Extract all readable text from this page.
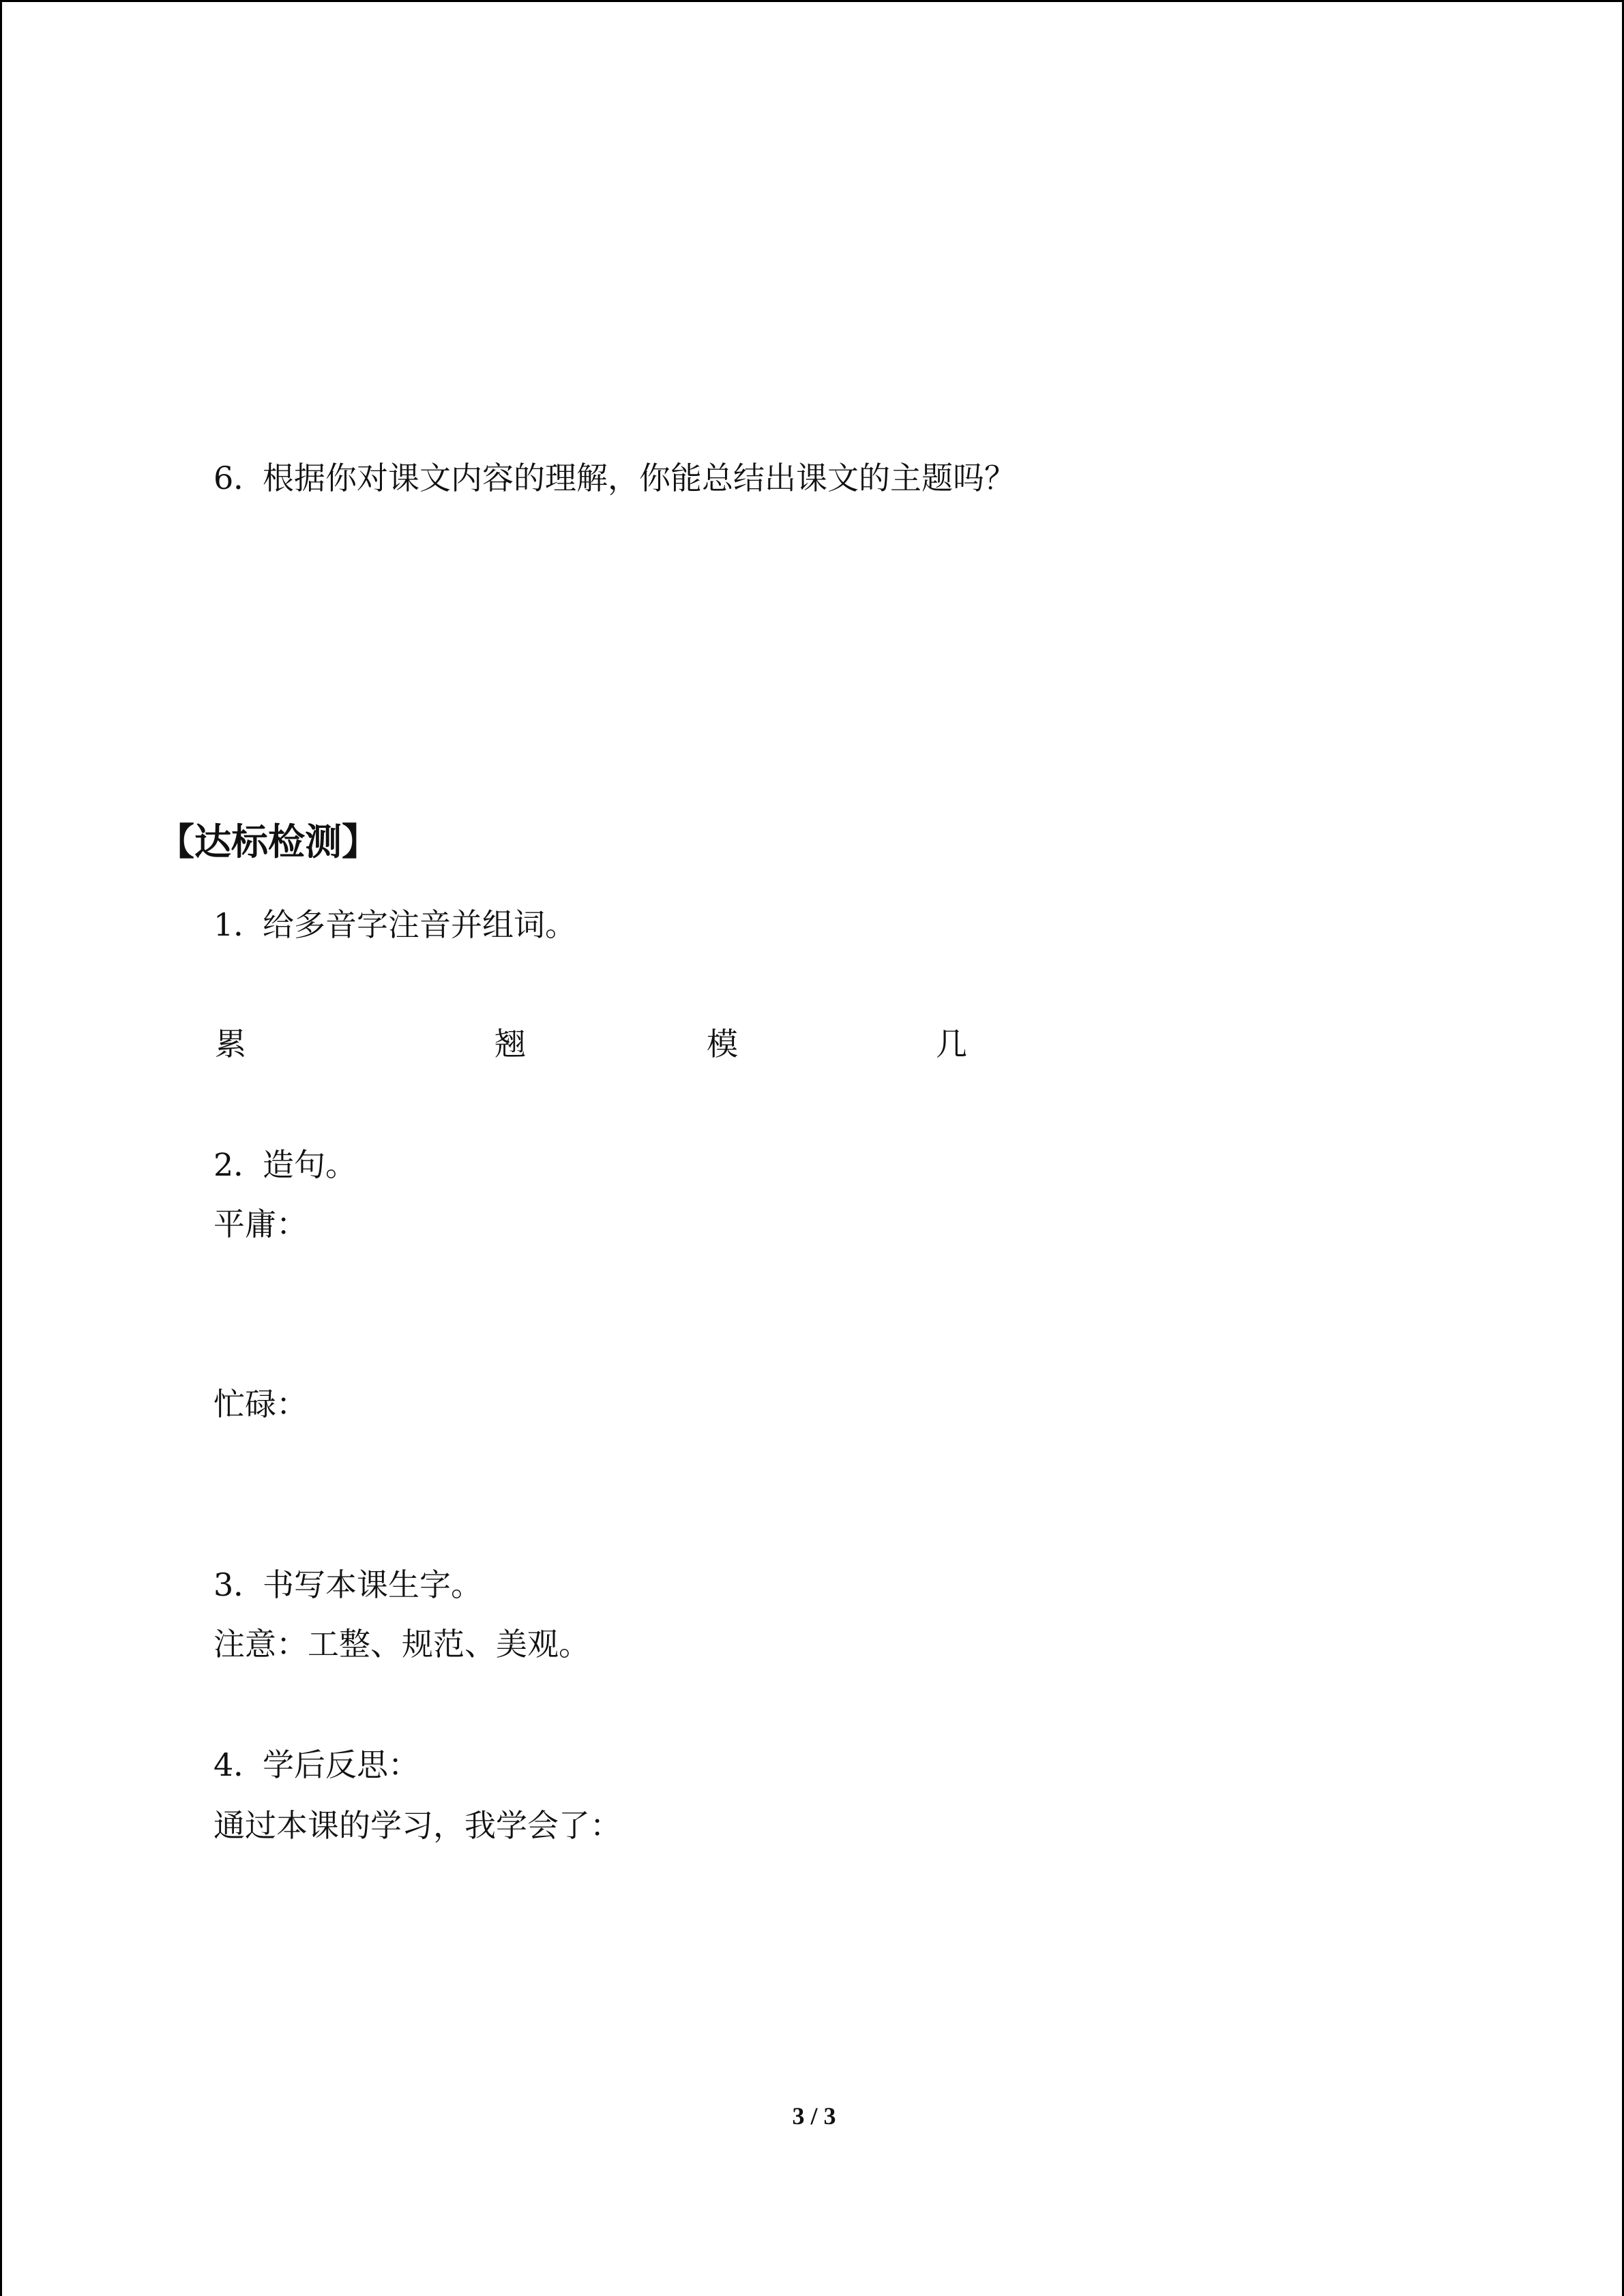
6．根据你对课文内容的理解，你能总结出课文的主题吗？
【达标检测】
1．给多音字注音并组词。
累	翘	模	几
2．造句。
平庸：
忙碌：
3．书写本课生字。
注意：工整、规范、美观。
4．学后反思：
通过本课的学习，我学会了：
3 / 3
